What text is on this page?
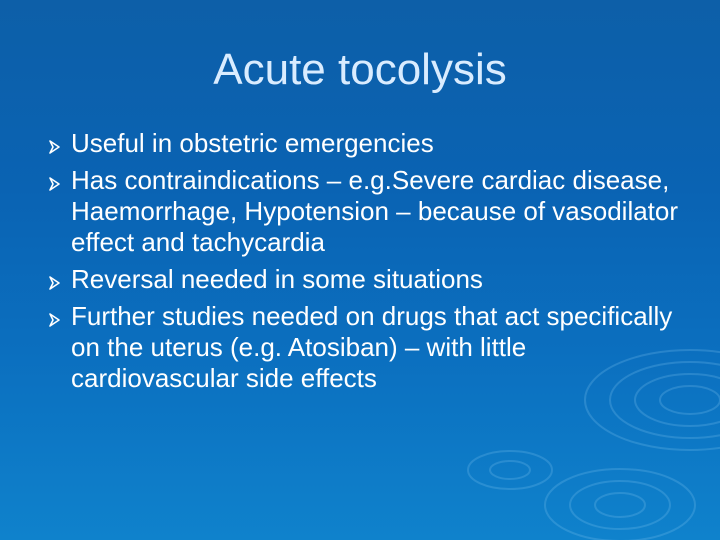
Acute tocolysis
Useful in obstetric emergencies
Has contraindications – e.g.Severe cardiac disease, Haemorrhage, Hypotension – because of vasodilator effect and tachycardia
Reversal needed in some situations
Further studies needed on drugs that act specifically on the uterus (e.g. Atosiban) – with little cardiovascular side effects
